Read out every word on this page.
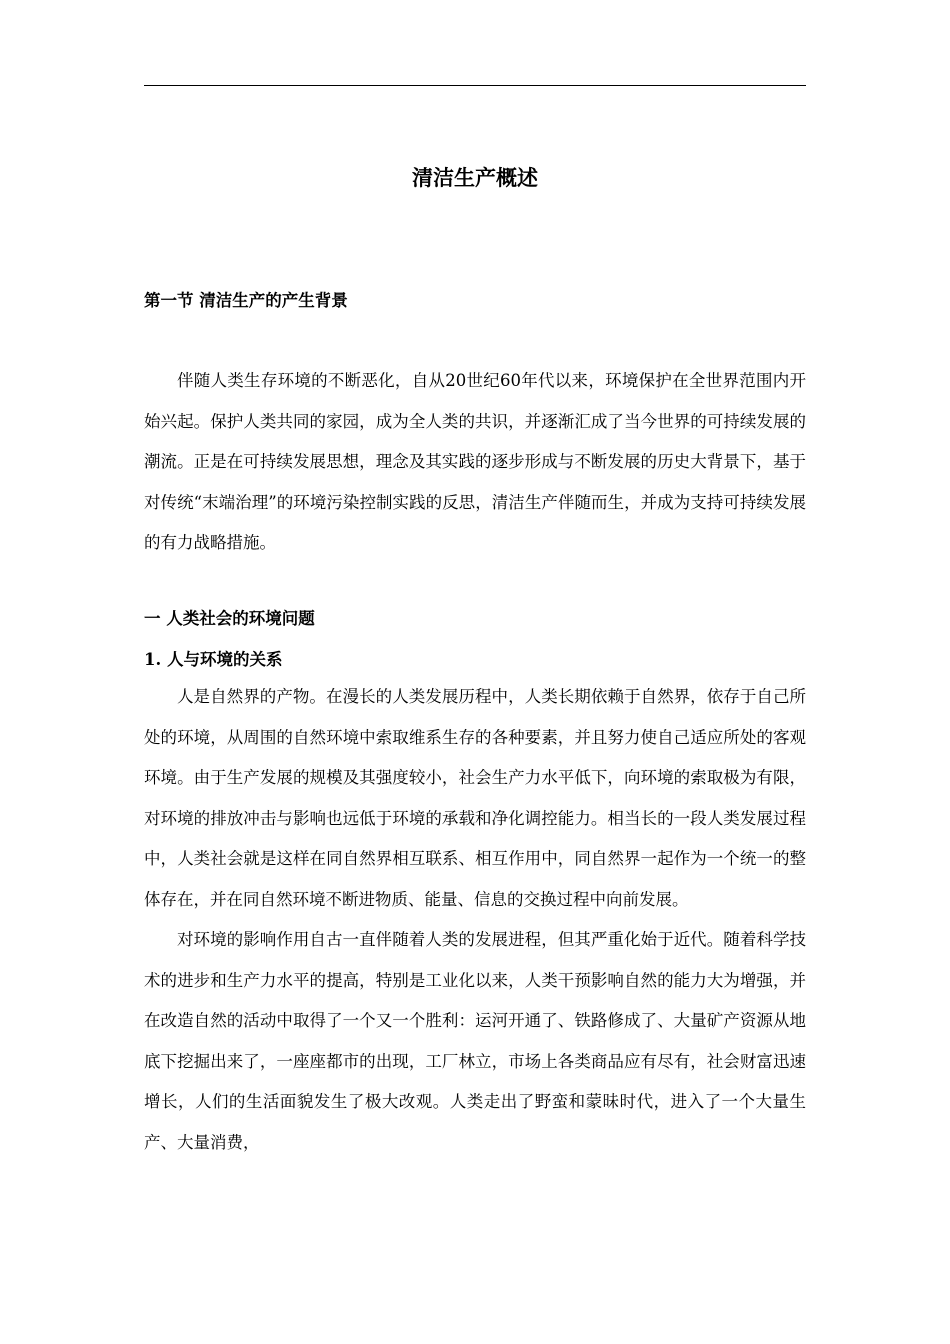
清洁生产概述
第一节 清洁生产的产生背景

伴随人类生存环境的不断恶化，自从20世纪60年代以来，环境保护在全世界范围内开始兴起。保护人类共同的家园，成为全人类的共识，并逐渐汇成了当今世界的可持续发展的潮流。正是在可持续发展思想，理念及其实践的逐步形成与不断发展的历史大背景下，基于对传统“末端治理”的环境污染控制实践的反思，清洁生产伴随而生，并成为支持可持续发展的有力战略措施。

一 人类社会的环境问题
1. 人与环境的关系

人是自然界的产物。在漫长的人类发展历程中，人类长期依赖于自然界，依存于自己所处的环境，从周围的自然环境中索取维系生存的各种要素，并且努力使自己适应所处的客观环境。由于生产发展的规模及其强度较小，社会生产力水平低下，向环境的索取极为有限，对环境的排放冲击与影响也远低于环境的承载和净化调控能力。相当长的一段人类发展过程中，人类社会就是这样在同自然界相互联系、相互作用中，同自然界一起作为一个统一的整体存在，并在同自然环境不断进物质、能量、信息的交换过程中向前发展。

对环境的影响作用自古一直伴随着人类的发展进程，但其严重化始于近代。随着科学技术的进步和生产力水平的提高，特别是工业化以来，人类干预影响自然的能力大为增强，并在改造自然的活动中取得了一个又一个胜利：运河开通了、铁路修成了、大量矿产资源从地底下挖掘出来了，一座座都市的出现，工厂林立，市场上各类商品应有尽有，社会财富迅速增长，人们的生活面貌发生了极大改观。人类走出了野蛮和蒙昧时代，进入了一个大量生产、大量消费，
